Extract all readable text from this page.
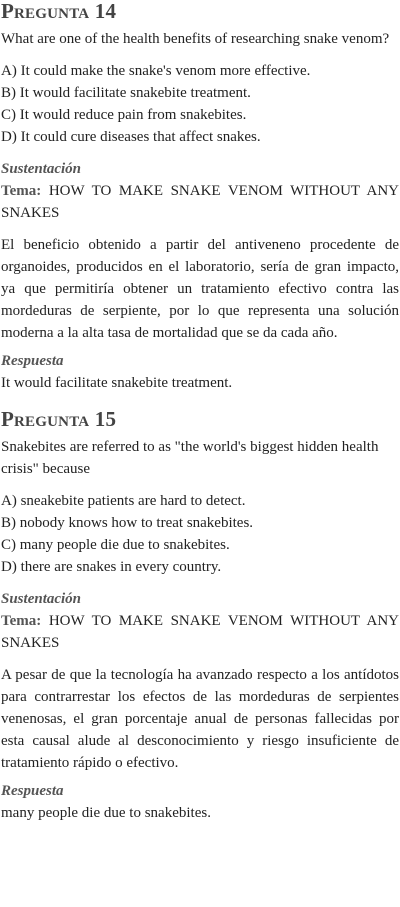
Pregunta 14

What are one of the health benefits of researching snake venom?

A) It could make the snake's venom more effective.

B) It would facilitate snakebite treatment.

C) It would reduce pain from snakebites.

D) It could cure diseases that affect snakes.

Sustentación

Tema: HOW TO MAKE SNAKE VENOM WITHOUT ANY SNAKES

El beneficio obtenido a partir del antiveneno procedente de organoides, producidos en el laboratorio, sería de gran impacto, ya que permitiría obtener un tratamiento efectivo contra las mordeduras de serpiente, por lo que representa una solución moderna a la alta tasa de mortalidad que se da cada año.

Respuesta

It would facilitate snakebite treatment.

Pregunta 15

Snakebites are referred to as "the world's biggest hidden health crisis" because

A) sneakebite patients are hard to detect.

B) nobody knows how to treat snakebites.

C) many people die due to snakebites.

D) there are snakes in every country.

Sustentación

Tema: HOW TO MAKE SNAKE VENOM WITHOUT ANY SNAKES

A pesar de que la tecnología ha avanzado respecto a los antídotos para contrarrestar los efectos de las mordeduras de serpientes venenosas, el gran porcentaje anual de personas fallecidas por esta causal alude al desconocimiento y riesgo insuficiente de tratamiento rápido o efectivo.

Respuesta

many people die due to snakebites.
